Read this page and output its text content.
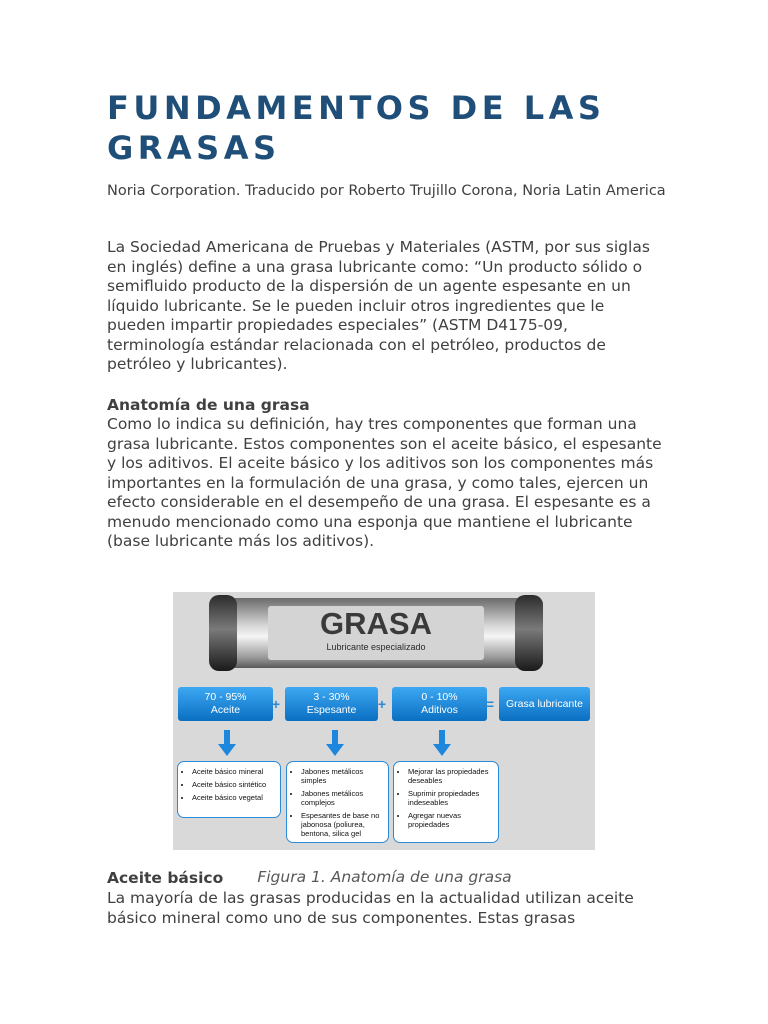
FUNDAMENTOS DE LAS GRASAS

Noria Corporation. Traducido por Roberto Trujillo Corona, Noria Latin America

La Sociedad Americana de Pruebas y Materiales (ASTM, por sus siglas en inglés) define a una grasa lubricante como: “Un producto sólido o semifluido producto de la dispersión de un agente espesante en un líquido lubricante. Se le pueden incluir otros ingredientes que le pueden impartir propiedades especiales” (ASTM D4175-09, terminología estándar relacionada con el petróleo, productos de petróleo y lubricantes).

Anatomía de una grasa

Como lo indica su definición, hay tres componentes que forman una grasa lubricante. Estos componentes son el aceite básico, el espesante y los aditivos. El aceite básico y los aditivos son los componentes más importantes en la formulación de una grasa, y como tales, ejercen un efecto considerable en el desempeño de una grasa. El espesante es a menudo mencionado como una esponja que mantiene el lubricante (base lubricante más los aditivos).

Figura 1. Anatomía de una grasa

Aceite básico

La mayoría de las grasas producidas en la actualidad utilizan aceite básico mineral como uno de sus componentes. Estas grasas

GRASA
Lubricante especializado
70 - 95%
Aceite	+	3 - 30%
Espesante	+	0 - 10%
Aditivos	=	Grasa lubricante
• Aceite básico mineral
• Aceite básico sintético
• Aceite básico vegetal
• Jabones metálicos simples
• Jabones metálicos complejos
• Espesantes de base no jabonosa (poliurea, bentona, silica gel
• Mejorar las propiedades deseables
• Suprimir propiedades indeseables
• Agregar nuevas propiedades
